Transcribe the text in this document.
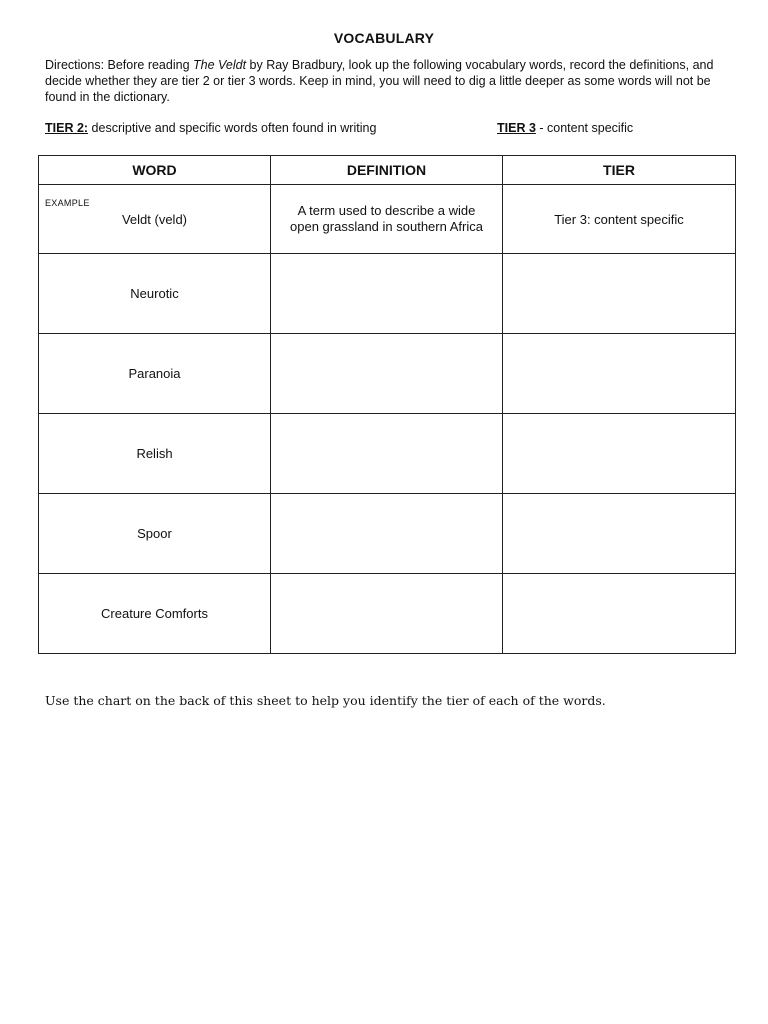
VOCABULARY
Directions: Before reading The Veldt by Ray Bradbury, look up the following vocabulary words, record the definitions, and decide whether they are tier 2 or tier 3 words. Keep in mind, you will need to dig a little deeper as some words will not be found in the dictionary.
TIER 2: descriptive and specific words often found in writing	TIER 3 - content specific
WORD	DEFINITION	TIER

EXAMPLE
Veldt (veld)	A term used to describe a wide open grassland in southern Africa	Tier 3: content specific
Neurotic		
Paranoia		
Relish		
Spoor		
Creature Comforts		
Use the chart on the back of this sheet to help you identify the tier of each of the words.
